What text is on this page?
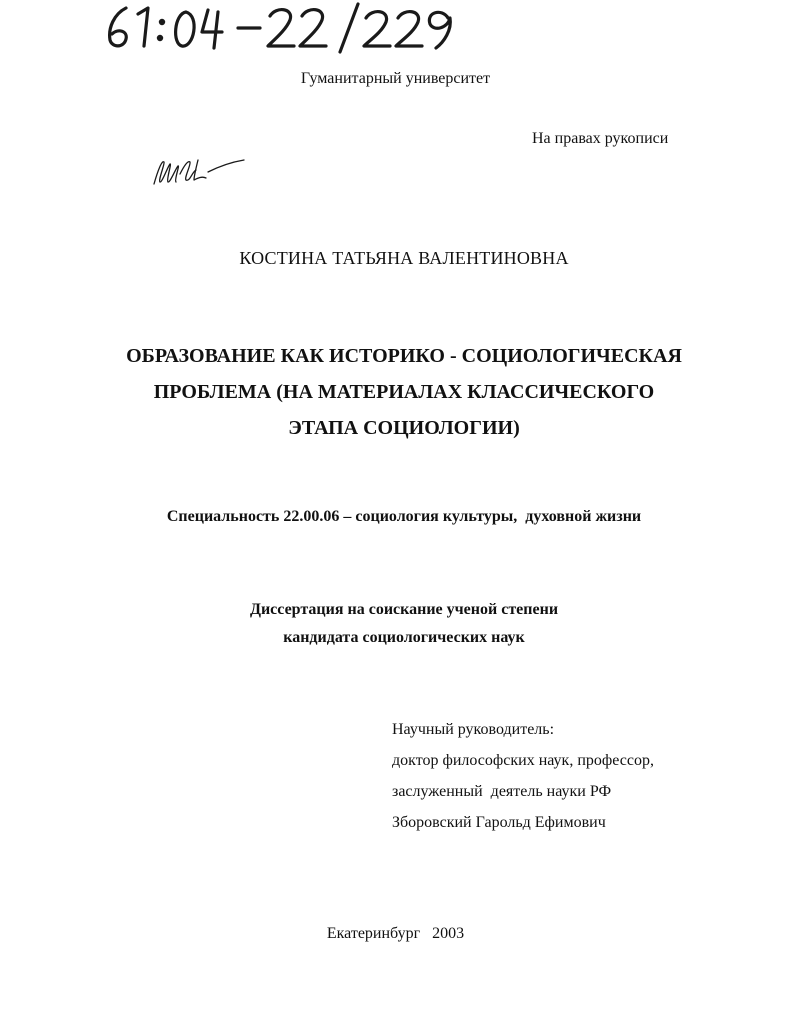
Гуманитарный университет
На правах рукописи
КОСТИНА ТАТЬЯНА ВАЛЕНТИНОВНА
ОБРАЗОВАНИЕ КАК ИСТОРИКО - СОЦИОЛОГИЧЕСКАЯ
ПРОБЛЕМА (НА МАТЕРИАЛАХ КЛАССИЧЕСКОГО
ЭТАПА СОЦИОЛОГИИ)
Специальность 22.00.06 – социология культуры,  духовной жизни
Диссертация на соискание ученой степени
кандидата социологических наук
Научный руководитель:
доктор философских наук, профессор,
заслуженный  деятель науки РФ
Зборовский Гарольд Ефимович
Екатеринбург 2003
